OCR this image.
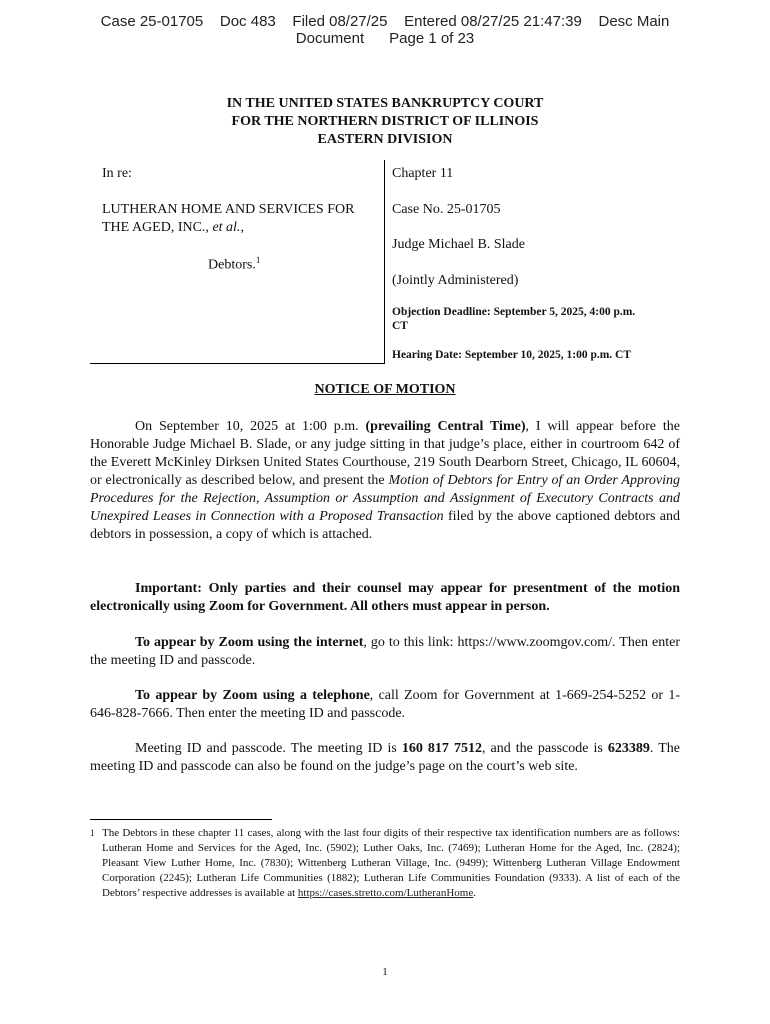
Case 25-01705    Doc 483    Filed 08/27/25    Entered 08/27/25 21:47:39    Desc Main
Document      Page 1 of 23
IN THE UNITED STATES BANKRUPTCY COURT
FOR THE NORTHERN DISTRICT OF ILLINOIS
EASTERN DIVISION
In re:
LUTHERAN HOME AND SERVICES FOR
THE AGED, INC., et al.,
Debtors.$^1$
Chapter 11
Case No. 25-01705
Judge Michael B. Slade
(Jointly Administered)
Objection Deadline: September 5, 2025, 4:00 p.m.
CT
Hearing Date: September 10, 2025, 1:00 p.m. CT
NOTICE OF MOTION
On September 10, 2025 at 1:00 p.m. (prevailing Central Time), I will appear before the Honorable Judge Michael B. Slade, or any judge sitting in that judge’s place, either in courtroom 642 of the Everett McKinley Dirksen United States Courthouse, 219 South Dearborn Street, Chicago, IL 60604, or electronically as described below, and present the Motion of Debtors for Entry of an Order Approving Procedures for the Rejection, Assumption or Assumption and Assignment of Executory Contracts and Unexpired Leases in Connection with a Proposed Transaction filed by the above captioned debtors and debtors in possession, a copy of which is attached.
Important: Only parties and their counsel may appear for presentment of the motion electronically using Zoom for Government. All others must appear in person.
To appear by Zoom using the internet, go to this link: https://www.zoomgov.com/. Then enter the meeting ID and passcode.
To appear by Zoom using a telephone, call Zoom for Government at 1-669-254-5252 or 1-646-828-7666. Then enter the meeting ID and passcode.
Meeting ID and passcode. The meeting ID is 160 817 7512, and the passcode is 623389. The meeting ID and passcode can also be found on the judge’s page on the court’s web site.
1 The Debtors in these chapter 11 cases, along with the last four digits of their respective tax identification numbers are as follows: Lutheran Home and Services for the Aged, Inc. (5902); Luther Oaks, Inc. (7469); Lutheran Home for the Aged, Inc. (2824); Pleasant View Luther Home, Inc. (7830); Wittenberg Lutheran Village, Inc. (9499); Wittenberg Lutheran Village Endowment Corporation (2245); Lutheran Life Communities (1882); Lutheran Life Communities Foundation (9333). A list of each of the Debtors’ respective addresses is available at https://cases.stretto.com/LutheranHome.
1
